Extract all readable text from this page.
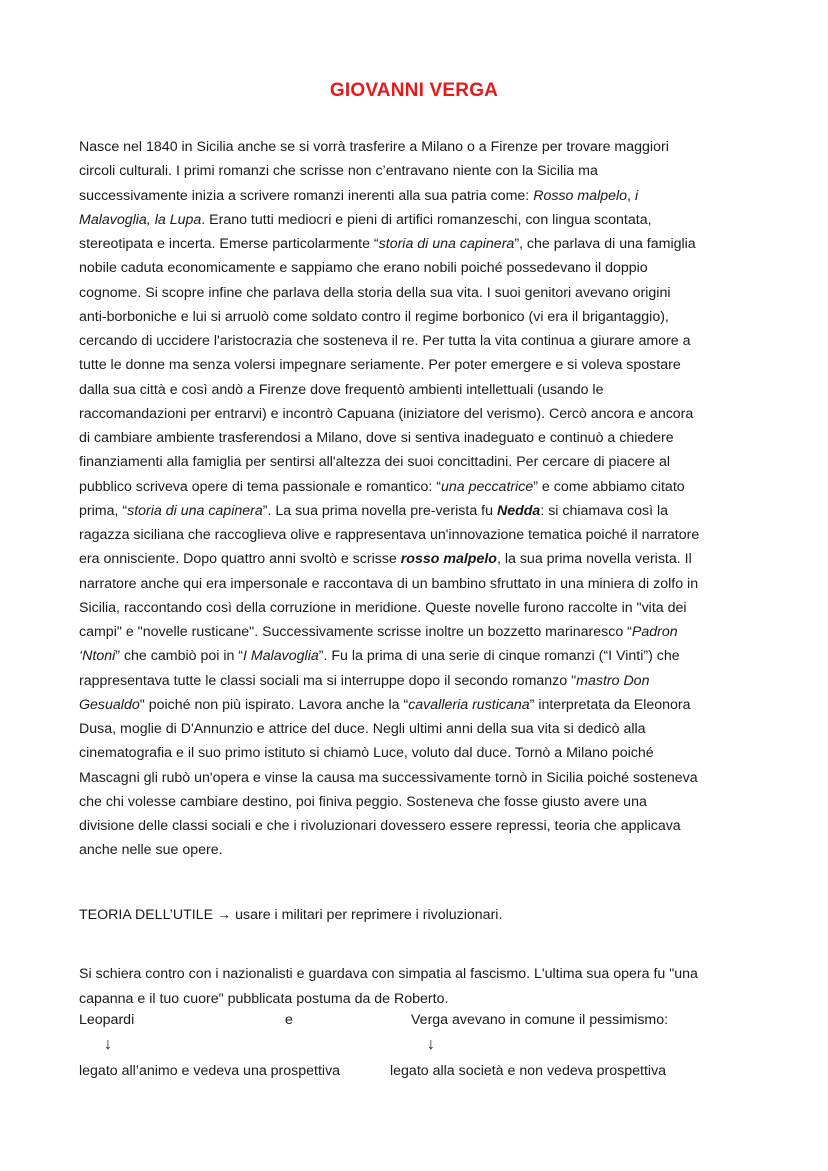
GIOVANNI VERGA
Nasce nel 1840 in Sicilia anche se si vorrà trasferire a Milano o a Firenze per trovare maggiori
circoli culturali. I primi romanzi che scrisse non c’entravano niente con la Sicilia ma
successivamente inizia a scrivere romanzi inerenti alla sua patria come: Rosso malpelo, i
Malavoglia, la Lupa. Erano tutti mediocri e pieni di artifici romanzeschi, con lingua scontata,
stereotipata e incerta. Emerse particolarmente “storia di una capinera”, che parlava di una famiglia
nobile caduta economicamente e sappiamo che erano nobili poiché possedevano il doppio
cognome. Si scopre infine che parlava della storia della sua vita. I suoi genitori avevano origini
anti-borboniche e lui si arruolò come soldato contro il regime borbonico (vi era il brigantaggio),
cercando di uccidere l'aristocrazia che sosteneva il re. Per tutta la vita continua a giurare amore a
tutte le donne ma senza volersi impegnare seriamente. Per poter emergere e si voleva spostare
dalla sua città e così andò a Firenze dove frequentò ambienti intellettuali (usando le
raccomandazioni per entrarvi) e incontrò Capuana (iniziatore del verismo). Cercò ancora e ancora
di cambiare ambiente trasferendosi a Milano, dove si sentiva inadeguato e continuò a chiedere
finanziamenti alla famiglia per sentirsi all'altezza dei suoi concittadini. Per cercare di piacere al
pubblico scriveva opere di tema passionale e romantico: “una peccatrice” e come abbiamo citato
prima, “storia di una capinera”. La sua prima novella pre-verista fu Nedda: si chiamava così la
ragazza siciliana che raccoglieva olive e rappresentava un'innovazione tematica poiché il narratore
era onnisciente. Dopo quattro anni svoltò e scrisse rosso malpelo, la sua prima novella verista. Il
narratore anche qui era impersonale e raccontava di un bambino sfruttato in una miniera di zolfo in
Sicilia, raccontando così della corruzione in meridione. Queste novelle furono raccolte in "vita dei
campi" e "novelle rusticane". Successivamente scrisse inoltre un bozzetto marinaresco “Padron
‘Ntoni” che cambiò poi in “I Malavoglia”. Fu la prima di una serie di cinque romanzi (“I Vinti”) che
rappresentava tutte le classi sociali ma si interruppe dopo il secondo romanzo "mastro Don
Gesualdo" poiché non più ispirato. Lavora anche la “cavalleria rusticana” interpretata da Eleonora
Dusa, moglie di D'Annunzio e attrice del duce. Negli ultimi anni della sua vita si dedicò alla
cinematografia e il suo primo istituto si chiamò Luce, voluto dal duce. Tornò a Milano poiché
Mascagni gli rubò un'opera e vinse la causa ma successivamente tornò in Sicilia poiché sosteneva
che chi volesse cambiare destino, poi finiva peggio. Sosteneva che fosse giusto avere una
divisione delle classi sociali e che i rivoluzionari dovessero essere repressi, teoria che applicava
anche nelle sue opere.
TEORIA DELL’UTILE → usare i militari per reprimere i rivoluzionari.
Si schiera contro con i nazionalisti e guardava con simpatia al fascismo. L'ultima sua opera fu "una
capanna e il tuo cuore" pubblicata postuma da de Roberto.
Leopardi	e	Verga avevano in comune il pessimismo:
↓	↓
legato all’animo e vedeva una prospettiva	legato alla società e non vedeva prospettiva
